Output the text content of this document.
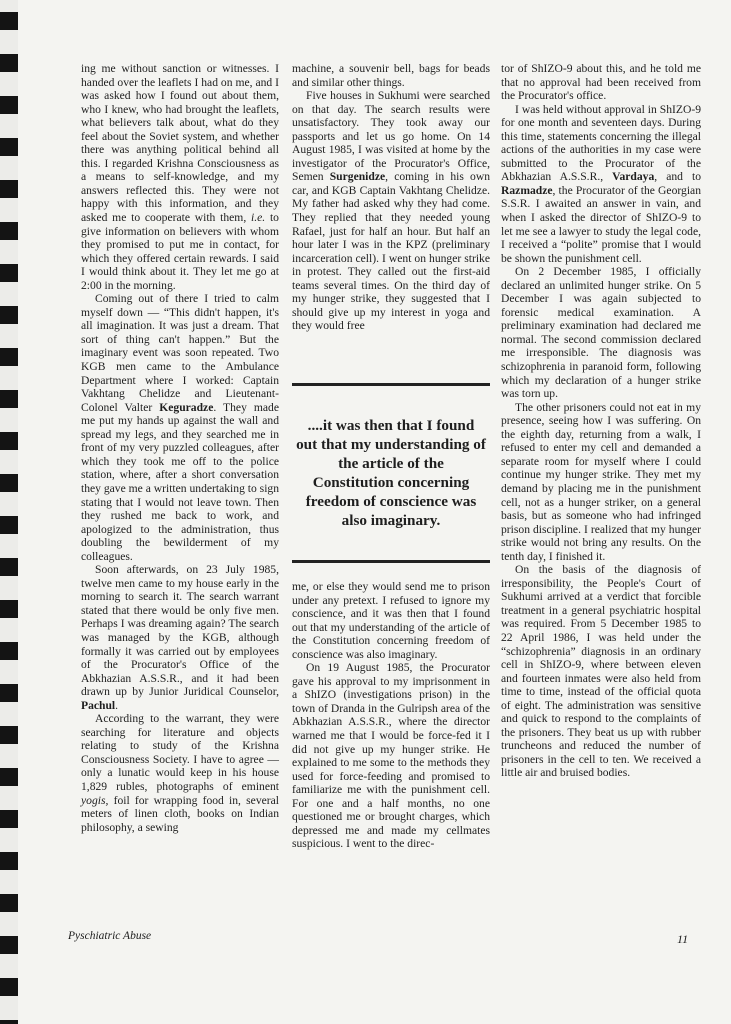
ing me without sanction or witnesses. I handed over the leaflets I had on me, and I was asked how I found out about them, who I knew, who had brought the leaflets, what believers talk about, what do they feel about the Soviet system, and whether there was anything political behind all this. I regarded Krishna Consciousness as a means to self-knowledge, and my answers reflected this. They were not happy with this information, and they asked me to cooperate with them, i.e. to give information on believers with whom they promised to put me in contact, for which they offered certain rewards. I said I would think about it. They let me go at 2:00 in the morning.

Coming out of there I tried to calm myself down — “This didn't happen, it's all imagination. It was just a dream. That sort of thing can't happen.” But the imaginary event was soon repeated. Two KGB men came to the Ambulance Department where I worked: Captain Vakhtang Chelidze and Lieutenant-Colonel Valter Keguradze. They made me put my hands up against the wall and spread my legs, and they searched me in front of my very puzzled colleagues, after which they took me off to the police station, where, after a short conversation they gave me a written undertaking to sign stating that I would not leave town. Then they rushed me back to work, and apologized to the administration, thus doubling the bewilderment of my colleagues.

Soon afterwards, on 23 July 1985, twelve men came to my house early in the morning to search it. The search warrant stated that there would be only five men. Perhaps I was dreaming again? The search was managed by the KGB, although formally it was carried out by employees of the Procurator's Office of the Abkhazian A.S.S.R., and it had been drawn up by Junior Juridical Counselor, Pachul.

According to the warrant, they were searching for literature and objects relating to study of the Krishna Consciousness Society. I have to agree — only a lunatic would keep in his house 1,829 rubles, photographs of eminent yogis, foil for wrapping food in, several meters of linen cloth, books on Indian philosophy, a sewing

machine, a souvenir bell, bags for beads and similar other things.

Five houses in Sukhumi were searched on that day. The search results were unsatisfactory. They took away our passports and let us go home. On 14 August 1985, I was visited at home by the investigator of the Procurator's Office, Semen Surgenidze, coming in his own car, and KGB Captain Vakhtang Chelidze. My father had asked why they had come. They replied that they needed young Rafael, just for half an hour. But half an hour later I was in the KPZ (preliminary incarceration cell). I went on hunger strike in protest. They called out the first-aid teams several times. On the third day of my hunger strike, they suggested that I should give up my interest in yoga and they would free

....it was then that I found out that my understanding of the article of the Constitution concerning freedom of conscience was also imaginary.

me, or else they would send me to prison under any pretext. I refused to ignore my conscience, and it was then that I found out that my understanding of the article of the Constitution concerning freedom of conscience was also imaginary.

On 19 August 1985, the Procurator gave his approval to my imprisonment in a ShIZO (investigations prison) in the town of Dranda in the Gulripsh area of the Abkhazian A.S.S.R., where the director warned me that I would be force-fed it I did not give up my hunger strike. He explained to me some to the methods they used for force-feeding and promised to familiarize me with the punishment cell. For one and a half months, no one questioned me or brought charges, which depressed me and made my cellmates suspicious. I went to the direc-

tor of ShIZO-9 about this, and he told me that no approval had been received from the Procurator's office.

I was held without approval in ShIZO-9 for one month and seventeen days. During this time, statements concerning the illegal actions of the authorities in my case were submitted to the Procurator of the Abkhazian A.S.S.R., Vardaya, and to Razmadze, the Procurator of the Georgian S.S.R. I awaited an answer in vain, and when I asked the director of ShIZO-9 to let me see a lawyer to study the legal code, I received a “polite” promise that I would be shown the punishment cell.

On 2 December 1985, I officially declared an unlimited hunger strike. On 5 December I was again subjected to forensic medical examination. A preliminary examination had declared me normal. The second commission declared me irresponsible. The diagnosis was schizophrenia in paranoid form, following which my declaration of a hunger strike was torn up.

The other prisoners could not eat in my presence, seeing how I was suffering. On the eighth day, returning from a walk, I refused to enter my cell and demanded a separate room for myself where I could continue my hunger strike. They met my demand by placing me in the punishment cell, not as a hunger striker, on a general basis, but as someone who had infringed prison discipline. I realized that my hunger strike would not bring any results. On the tenth day, I finished it.

On the basis of the diagnosis of irresponsibility, the People's Court of Sukhumi arrived at a verdict that forcible treatment in a general psychiatric hospital was required. From 5 December 1985 to 22 April 1986, I was held under the “schizophrenia” diagnosis in an ordinary cell in ShIZO-9, where between eleven and fourteen inmates were also held from time to time, instead of the official quota of eight. The administration was sensitive and quick to respond to the complaints of the prisoners. They beat us up with rubber truncheons and reduced the number of prisoners in the cell to ten. We received a little air and bruised bodies.

Pyschiatric Abuse	11
